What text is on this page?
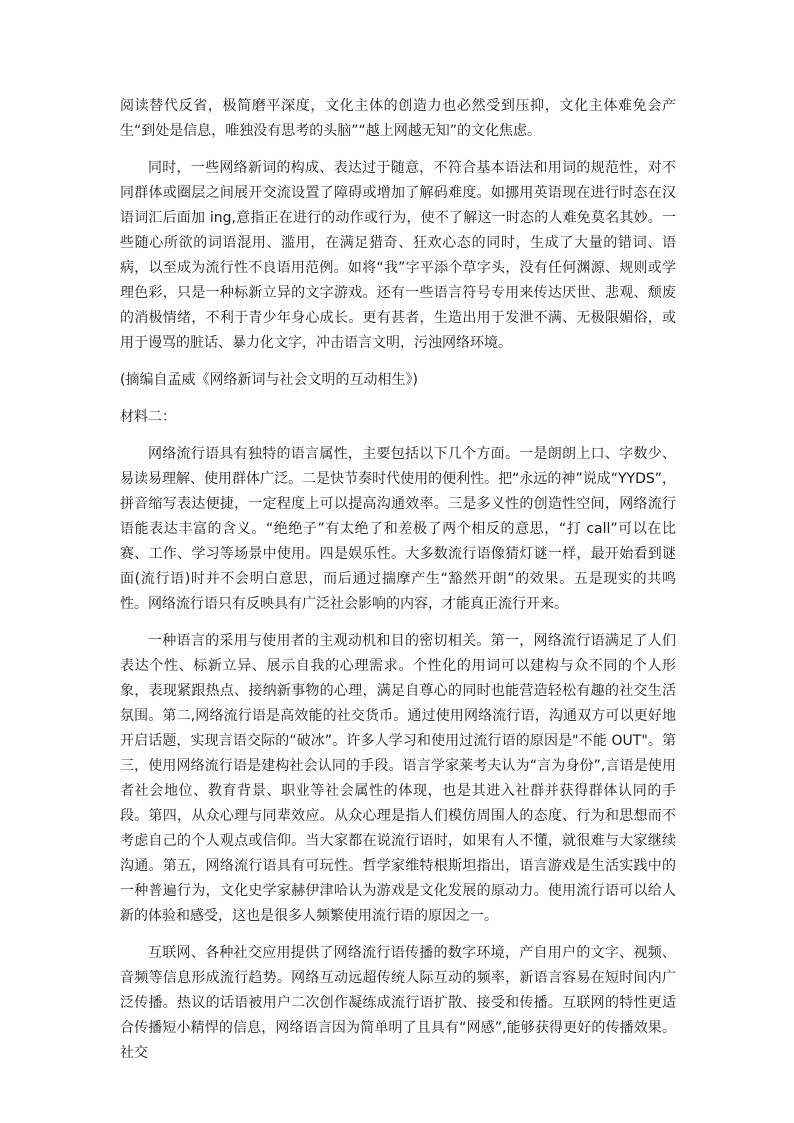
阅读替代反省，极简磨平深度，文化主体的创造力也必然受到压抑，文化主体难免会产生“到处是信息，唯独没有思考的头脑”“越上网越无知”的文化焦虑。

同时，一些网络新词的构成、表达过于随意，不符合基本语法和用词的规范性，对不同群体或圈层之间展开交流设置了障碍或增加了解码难度。如挪用英语现在进行时态在汉语词汇后面加 ing,意指正在进行的动作或行为，使不了解这一时态的人难免莫名其妙。一些随心所欲的词语混用、滥用，在满足猎奇、狂欢心态的同时，生成了大量的错词、语病，以至成为流行性不良语用范例。如将“我”字平添个草字头，没有任何渊源、规则或学理色彩，只是一种标新立异的文字游戏。还有一些语言符号专用来传达厌世、悲观、颓废的消极情绪，不利于青少年身心成长。更有甚者，生造出用于发泄不满、无极限媚俗，或用于谩骂的脏话、暴力化文字，冲击语言文明，污浊网络环境。

(摘编自孟威《网络新词与社会文明的互动相生》)

材料二：

网络流行语具有独特的语言属性，主要包括以下几个方面。一是朗朗上口、字数少、易读易理解、使用群体广泛。二是快节奏时代使用的便利性。把“永远的神”说成“YYDS”，拼音缩写表达便捷，一定程度上可以提高沟通效率。三是多义性的创造性空间，网络流行语能表达丰富的含义。“绝绝子”有太绝了和差极了两个相反的意思，“打 call”可以在比赛、工作、学习等场景中使用。四是娱乐性。大多数流行语像猜灯谜一样，最开始看到谜面(流行语)时并不会明白意思，而后通过揣摩产生“豁然开朗”的效果。五是现实的共鸣性。网络流行语只有反映具有广泛社会影响的内容，才能真正流行开来。

一种语言的采用与使用者的主观动机和目的密切相关。第一，网络流行语满足了人们表达个性、标新立异、展示自我的心理需求。个性化的用词可以建构与众不同的个人形象，表现紧跟热点、接纳新事物的心理，满足自尊心的同时也能营造轻松有趣的社交生活氛围。第二,网络流行语是高效能的社交货币。通过使用网络流行语，沟通双方可以更好地开启话题，实现言语交际的“破冰”。许多人学习和使用过流行语的原因是"不能 OUT"。第三，使用网络流行语是建构社会认同的手段。语言学家莱考夫认为“言为身份”,言语是使用者社会地位、教育背景、职业等社会属性的体现，也是其进入社群并获得群体认同的手段。第四，从众心理与同辈效应。从众心理是指人们模仿周围人的态度、行为和思想而不考虑自己的个人观点或信仰。当大家都在说流行语时，如果有人不懂，就很难与大家继续沟通。第五，网络流行语具有可玩性。哲学家维特根斯坦指出，语言游戏是生活实践中的一种普遍行为，文化史学家赫伊津哈认为游戏是文化发展的原动力。使用流行语可以给人新的体验和感受，这也是很多人频繁使用流行语的原因之一。

互联网、各种社交应用提供了网络流行语传播的数字环境，产自用户的文字、视频、音频等信息形成流行趋势。网络互动远超传统人际互动的频率，新语言容易在短时间内广泛传播。热议的话语被用户二次创作凝练成流行语扩散、接受和传播。互联网的特性更适合传播短小精悍的信息，网络语言因为简单明了且具有“网感”,能够获得更好的传播效果。社交
